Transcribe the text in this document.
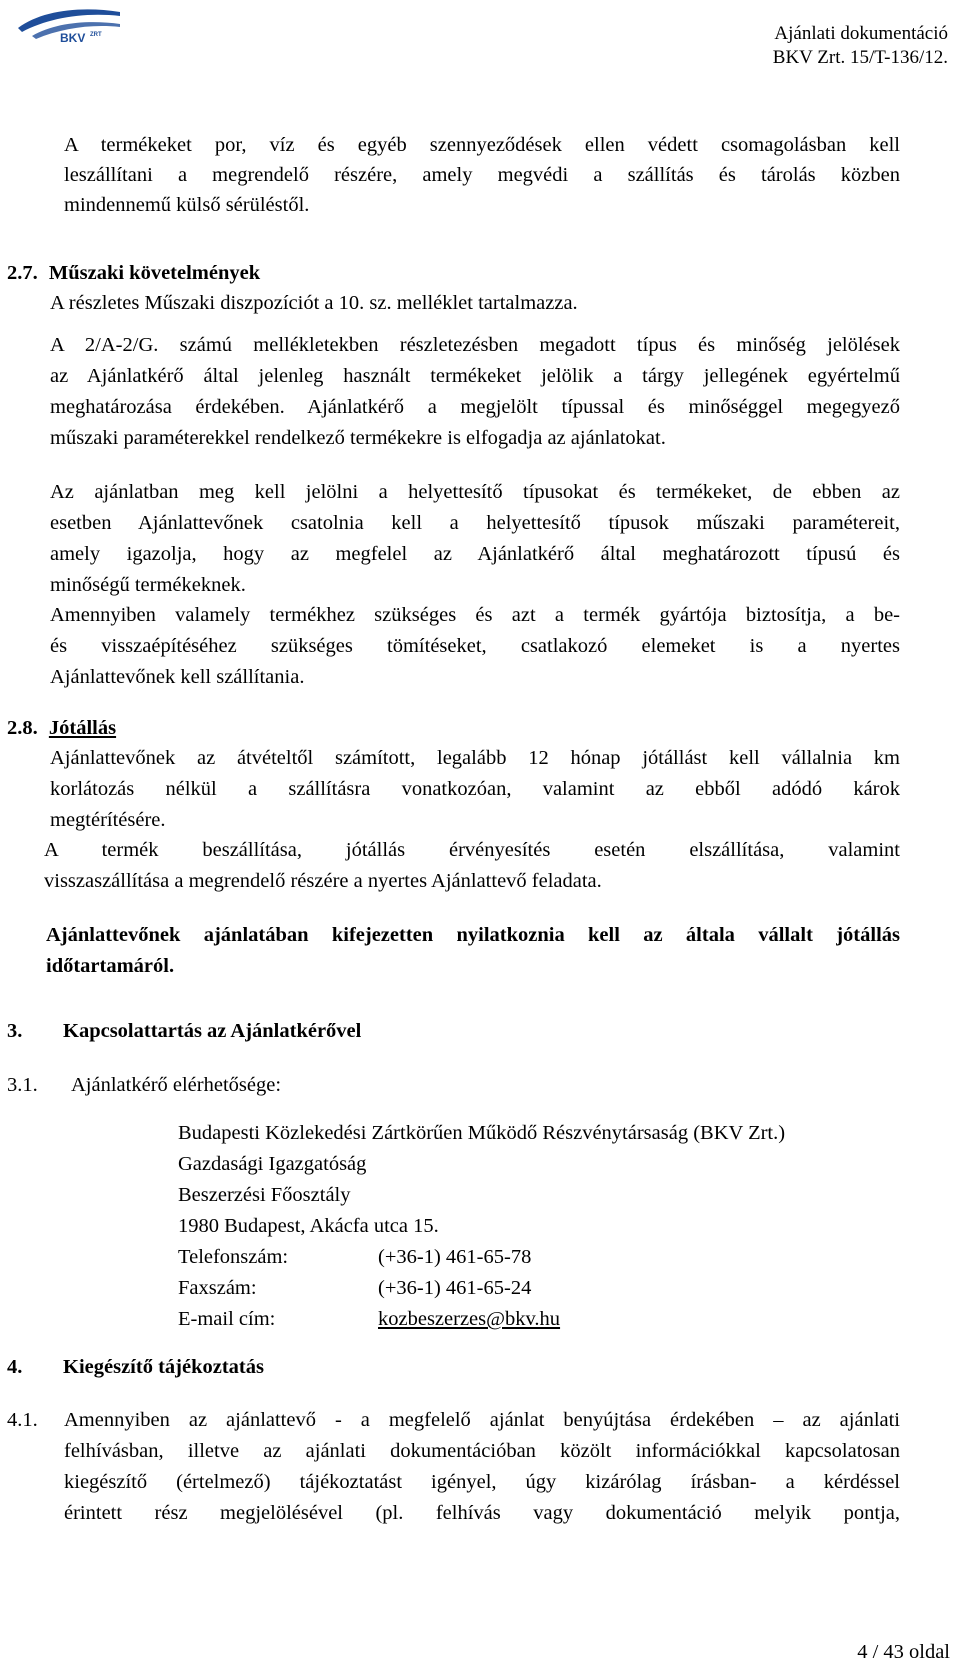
BKV ZRT	Ajánlati dokumentáció
BKV Zrt. 15/T-136/12.
A termékeket por, víz és egyéb szennyeződések ellen védett csomagolásban kell
leszállítani a megrendelő részére, amely megvédi a szállítás és tárolás közben
mindennemű külső sérüléstől.
2.7. Műszaki követelmények
A részletes Műszaki diszpozíciót a 10. sz. melléklet tartalmazza.
A 2/A-2/G. számú mellékletekben részletezésben megadott típus és minőség jelölések
az Ajánlatkérő által jelenleg használt termékeket jelölik a tárgy jellegének egyértelmű
meghatározása érdekében. Ajánlatkérő a megjelölt típussal és minőséggel megegyező
műszaki paraméterekkel rendelkező termékekre is elfogadja az ajánlatokat.
Az ajánlatban meg kell jelölni a helyettesítő típusokat és termékeket, de ebben az
esetben Ajánlattevőnek csatolnia kell a helyettesítő típusok műszaki paramétereit,
amely igazolja, hogy az megfelel az Ajánlatkérő által meghatározott típusú és
minőségű termékeknek.
Amennyiben valamely termékhez szükséges és azt a termék gyártója biztosítja, a be-
és visszaépítéséhez szükséges tömítéseket, csatlakozó elemeket is a nyertes
Ajánlattevőnek kell szállítania.
2.8. Jótállás
Ajánlattevőnek az átvételtől számított, legalább 12 hónap jótállást kell vállalnia km
korlátozás nélkül a szállításra vonatkozóan, valamint az ebből adódó károk
megtérítésére.
A termék beszállítása, jótállás érvényesítés esetén elszállítása, valamint
visszaszállítása a megrendelő részére a nyertes Ajánlattevő feladata.
Ajánlattevőnek ajánlatában kifejezetten nyilatkoznia kell az általa vállalt jótállás
időtartamáról.
3. Kapcsolattartás az Ajánlatkérővel
3.1. Ajánlatkérő elérhetősége:
Budapesti Közlekedési Zártkörűen Működő Részvénytársaság (BKV Zrt.)
Gazdasági Igazgatóság
Beszerzési Főosztály
1980 Budapest, Akácfa utca 15.
Telefonszám:	(+36-1) 461-65-78
Faxszám:	(+36-1) 461-65-24
E-mail cím:	kozbeszerzes@bkv.hu
4. Kiegészítő tájékoztatás
4.1. Amennyiben az ajánlattevő - a megfelelő ajánlat benyújtása érdekében – az ajánlati
felhívásban, illetve az ajánlati dokumentációban közölt információkkal kapcsolatosan
kiegészítő (értelmező) tájékoztatást igényel, úgy kizárólag írásban- a kérdéssel
érintett rész megjelölésével (pl. felhívás vagy dokumentáció melyik pontja,
4 / 43 oldal
